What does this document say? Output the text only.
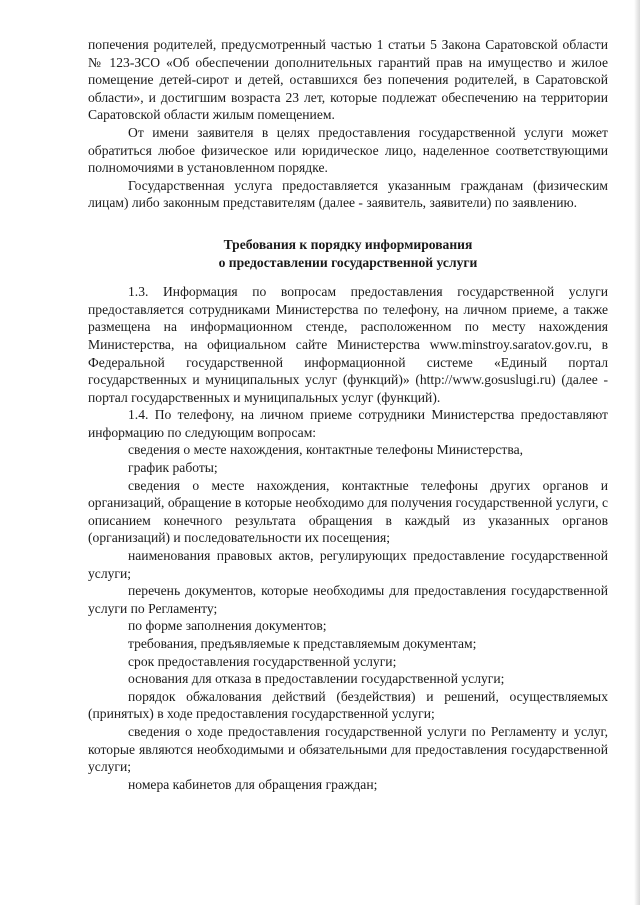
попечения родителей, предусмотренный частью 1 статьи 5 Закона Саратовской области № 123-ЗСО «Об обеспечении дополнительных гарантий прав на имущество и жилое помещение детей-сирот и детей, оставшихся без попечения родителей, в Саратовской области», и достигшим возраста 23 лет, которые подлежат обеспечению на территории Саратовской области жилым помещением.

От имени заявителя в целях предоставления государственной услуги может обратиться любое физическое или юридическое лицо, наделенное соответствующими полномочиями в установленном порядке.

Государственная услуга предоставляется указанным гражданам (физическим лицам) либо законным представителям (далее - заявитель, заявители) по заявлению.

Требования к порядку информирования
о предоставлении государственной услуги

1.3. Информация по вопросам предоставления государственной услуги предоставляется сотрудниками Министерства по телефону, на личном приеме, а также размещена на информационном стенде, расположенном по месту нахождения Министерства, на официальном сайте Министерства www.minstroy.saratov.gov.ru, в Федеральной государственной информационной системе «Единый портал государственных и муниципальных услуг (функций)» (http://www.gosuslugi.ru) (далее - портал государственных и муниципальных услуг (функций).

1.4. По телефону, на личном приеме сотрудники Министерства предоставляют информацию по следующим вопросам:

сведения о месте нахождения, контактные телефоны Министерства,

график работы;

сведения о месте нахождения, контактные телефоны других органов и организаций, обращение в которые необходимо для получения государственной услуги, с описанием конечного результата обращения в каждый из указанных органов (организаций) и последовательности их посещения;

наименования правовых актов, регулирующих предоставление государственной услуги;

перечень документов, которые необходимы для предоставления государственной услуги по Регламенту;

по форме заполнения документов;

требования, предъявляемые к представляемым документам;

срок предоставления государственной услуги;

основания для отказа в предоставлении государственной услуги;

порядок обжалования действий (бездействия) и решений, осуществляемых (принятых) в ходе предоставления государственной услуги;

сведения о ходе предоставления государственной услуги по Регламенту и услуг, которые являются необходимыми и обязательными для предоставления государственной услуги;

номера кабинетов для обращения граждан;
